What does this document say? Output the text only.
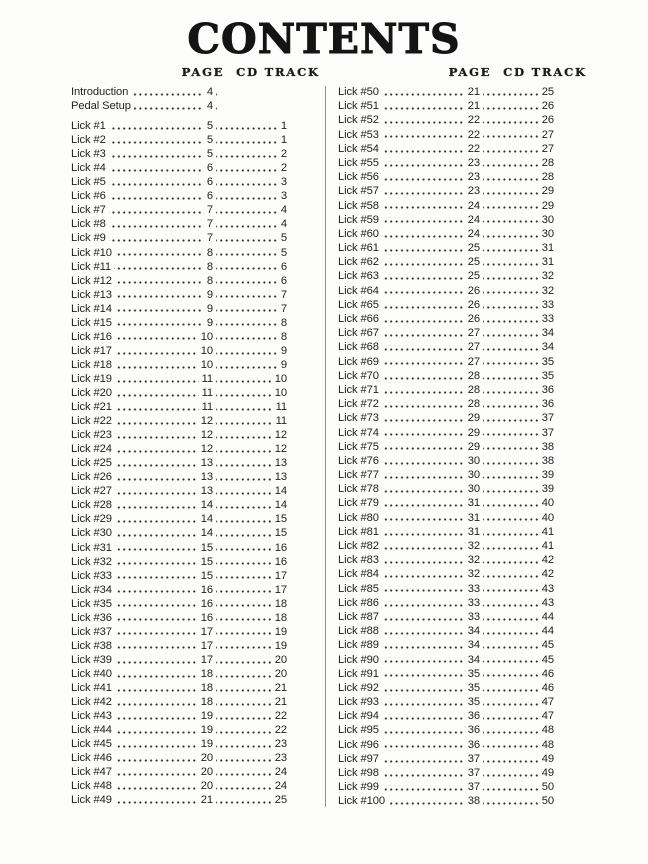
CONTENTS
PAGE CD TRACK
Introduction	4
Pedal Setup	4
Lick #1	5	1
Lick #2	5	1
Lick #3	5	2
Lick #4	6	2
Lick #5	6	3
Lick #6	6	3
Lick #7	7	4
Lick #8	7	4
Lick #9	7	5
Lick #10	8	5
Lick #11	8	6
Lick #12	8	6
Lick #13	9	7
Lick #14	9	7
Lick #15	9	8
Lick #16	10	8
Lick #17	10	9
Lick #18	10	9
Lick #19	11	10
Lick #20	11	10
Lick #21	11	11
Lick #22	12	11
Lick #23	12	12
Lick #24	12	12
Lick #25	13	13
Lick #26	13	13
Lick #27	13	14
Lick #28	14	14
Lick #29	14	15
Lick #30	14	15
Lick #31	15	16
Lick #32	15	16
Lick #33	15	17
Lick #34	16	17
Lick #35	16	18
Lick #36	16	18
Lick #37	17	19
Lick #38	17	19
Lick #39	17	20
Lick #40	18	20
Lick #41	18	21
Lick #42	18	21
Lick #43	19	22
Lick #44	19	22
Lick #45	19	23
Lick #46	20	23
Lick #47	20	24
Lick #48	20	24
Lick #49	21	25
PAGE CD TRACK
Lick #50	21	25
Lick #51	21	26
Lick #52	22	26
Lick #53	22	27
Lick #54	22	27
Lick #55	23	28
Lick #56	23	28
Lick #57	23	29
Lick #58	24	29
Lick #59	24	30
Lick #60	24	30
Lick #61	25	31
Lick #62	25	31
Lick #63	25	32
Lick #64	26	32
Lick #65	26	33
Lick #66	26	33
Lick #67	27	34
Lick #68	27	34
Lick #69	27	35
Lick #70	28	35
Lick #71	28	36
Lick #72	28	36
Lick #73	29	37
Lick #74	29	37
Lick #75	29	38
Lick #76	30	38
Lick #77	30	39
Lick #78	30	39
Lick #79	31	40
Lick #80	31	40
Lick #81	31	41
Lick #82	32	41
Lick #83	32	42
Lick #84	32	42
Lick #85	33	43
Lick #86	33	43
Lick #87	33	44
Lick #88	34	44
Lick #89	34	45
Lick #90	34	45
Lick #91	35	46
Lick #92	35	46
Lick #93	35	47
Lick #94	36	47
Lick #95	36	48
Lick #96	36	48
Lick #97	37	49
Lick #98	37	49
Lick #99	37	50
Lick #100	38	50
